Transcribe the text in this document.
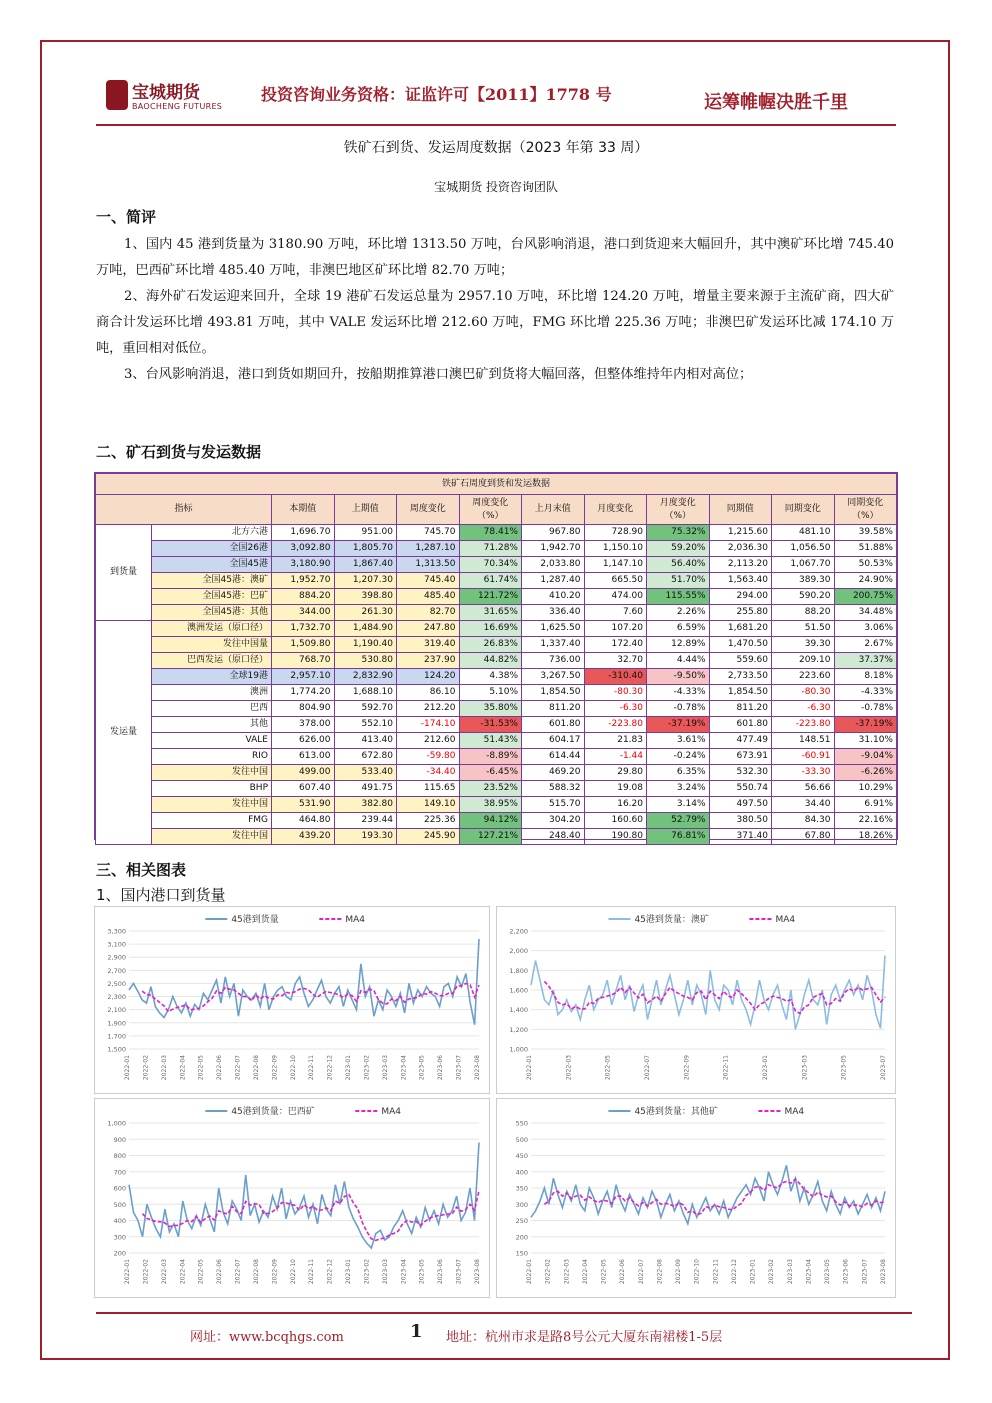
宝城期货
BAOCHENG FUTURES
投资咨询业务资格：证监许可【2011】1778 号	运筹帷幄决胜千里
铁矿石到货、发运周度数据（2023 年第 33 周）
宝城期货 投资咨询团队
一、简评
1、国内 45 港到货量为 3180.90 万吨，环比增 1313.50 万吨，台风影响消退，港口到货迎来大幅回升，其中澳矿环比增 745.40 万吨，巴西矿环比增 485.40 万吨，非澳巴地区矿环比增 82.70 万吨；
2、海外矿石发运迎来回升，全球 19 港矿石发运总量为 2957.10 万吨，环比增 124.20 万吨，增量主要来源于主流矿商，四大矿商合计发运环比增 493.81 万吨，其中 VALE 发运环比增 212.60 万吨，FMG 环比增 225.36 万吨；非澳巴矿发运环比减 174.10 万吨，重回相对低位。
3、台风影响消退，港口到货如期回升，按船期推算港口澳巴矿到货将大幅回落，但整体维持年内相对高位；
二、矿石到货与发运数据
铁矿石周度到货和发运数据											
指标		本期值	上期值	周度变化	周度变化（%）	上月末值	月度变化	月度变化（%）	同期值	同期变化	同期变化（%）
到货量	北方六港	1,696.70	951.00	745.70	78.41%	967.80	728.90	75.32%	1,215.60	481.10	39.58%
	全国26港	3,092.80	1,805.70	1,287.10	71.28%	1,942.70	1,150.10	59.20%	2,036.30	1,056.50	51.88%
	全国45港	3,180.90	1,867.40	1,313.50	70.34%	2,033.80	1,147.10	56.40%	2,113.20	1,067.70	50.53%
	全国45港：澳矿	1,952.70	1,207.30	745.40	61.74%	1,287.40	665.50	51.70%	1,563.40	389.30	24.90%
	全国45港：巴矿	884.20	398.80	485.40	121.72%	410.20	474.00	115.55%	294.00	590.20	200.75%
	全国45港：其他	344.00	261.30	82.70	31.65%	336.40	7.60	2.26%	255.80	88.20	34.48%
发运量	澳洲发运（原口径）	1,732.70	1,484.90	247.80	16.69%	1,625.50	107.20	6.59%	1,681.20	51.50	3.06%
	发往中国量	1,509.80	1,190.40	319.40	26.83%	1,337.40	172.40	12.89%	1,470.50	39.30	2.67%
	巴西发运（原口径）	768.70	530.80	237.90	44.82%	736.00	32.70	4.44%	559.60	209.10	37.37%
	全球19港	2,957.10	2,832.90	124.20	4.38%	3,267.50	-310.40	-9.50%	2,733.50	223.60	8.18%
	澳洲	1,774.20	1,688.10	86.10	5.10%	1,854.50	-80.30	-4.33%	1,854.50	-80.30	-4.33%
	巴西	804.90	592.70	212.20	35.80%	811.20	-6.30	-0.78%	811.20	-6.30	-0.78%
	其他	378.00	552.10	-174.10	-31.53%	601.80	-223.80	-37.19%	601.80	-223.80	-37.19%
	VALE	626.00	413.40	212.60	51.43%	604.17	21.83	3.61%	477.49	148.51	31.10%
	RIO	613.00	672.80	-59.80	-8.89%	614.44	-1.44	-0.24%	673.91	-60.91	-9.04%
	发往中国	499.00	533.40	-34.40	-6.45%	469.20	29.80	6.35%	532.30	-33.30	-6.26%
	BHP	607.40	491.75	115.65	23.52%	588.32	19.08	3.24%	550.74	56.66	10.29%
	发往中国	531.90	382.80	149.10	38.95%	515.70	16.20	3.14%	497.50	34.40	6.91%
	FMG	464.80	239.44	225.36	94.12%	304.20	160.60	52.79%	380.50	84.30	22.16%
	发往中国	439.20	193.30	245.90	127.21%	248.40	190.80	76.81%	371.40	67.80	18.26%
三、相关图表
1、国内港口到货量
45港到货量	MA4
3,300
3,100
2,900
2,700
2,500
2,300
2,100
1,900
1,700
1,500
2022-01 2022-02 2022-03 2022-04 2022-05 2022-06 2022-07 2022-08 2022-09 2022-10 2022-11 2022-12 2023-01 2023-02 2023-03 2023-04 2023-05 2023-06 2023-07 2023-08
45港到货量：澳矿	MA4
2,200
2,000
1,800
1,600
1,400
1,200
1,000
2022-01	2022-03	2022-05	2022-07	2022-09	2022-11	2023-01	2023-03	2023-05	2023-07
45港到货量：巴西矿	MA4
1,000
900
800
700
600
500
400
300
200
2022-01 2022-02 2022-03 2022-04 2022-05 2022-06 2022-07 2022-08 2022-09 2022-10 2022-11 2022-12 2023-01 2023-02 2023-03 2023-04 2023-05 2023-06 2023-07 2023-08
45港到货量：其他矿	MA4
550
500
450
400
350
300
250
200
150
2022-01 2022-02 2022-03 2022-04 2022-05 2022-06 2022-07 2022-08 2022-09 2022-10 2022-11 2022-12 2023-01 2023-02 2023-03 2023-04 2023-05 2023-06 2023-07 2023-08
网址：www.bcqhgs.com	1 地址：杭州市求是路8号公元大厦东南裙楼1-5层
